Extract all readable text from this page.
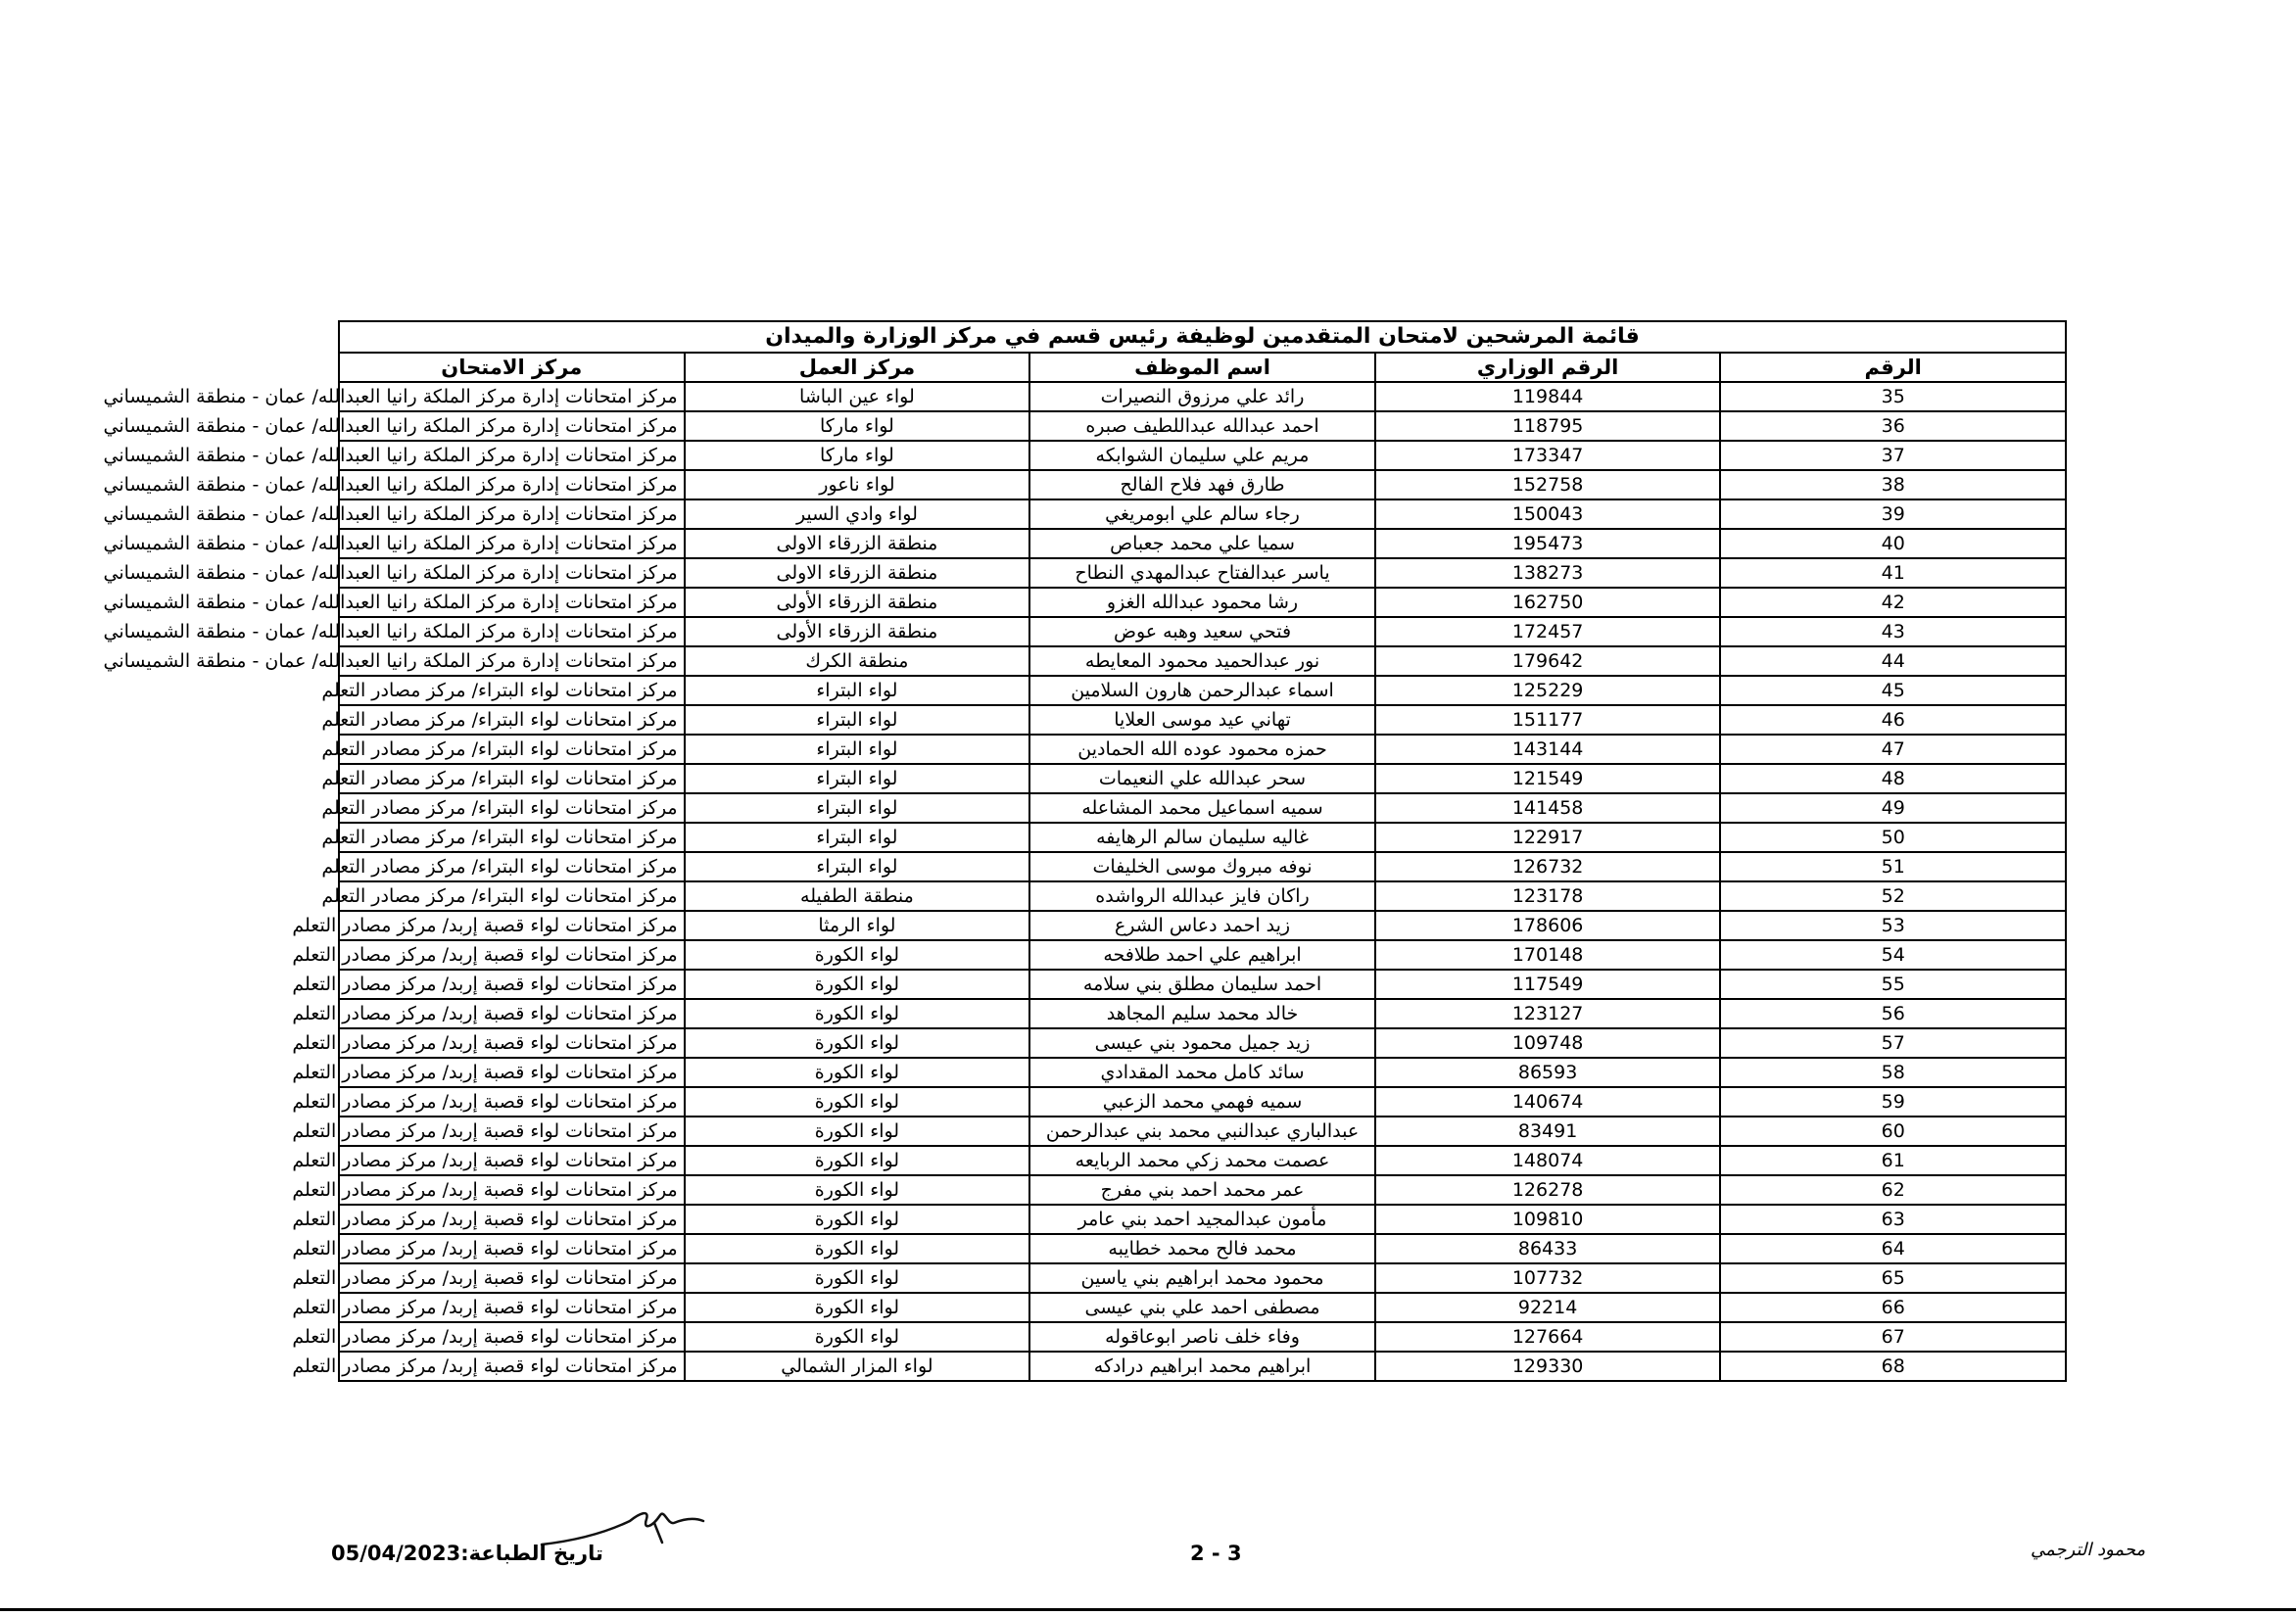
قائمة المرشحين لامتحان المتقدمين لوظيفة رئيس قسم في مركز الوزارة والميدان				
الرقم	الرقم الوزاري	اسم الموظف	مركز العمل	مركز الامتحان
35	119844	رائد علي مرزوق النصيرات	لواء عين الباشا	مركز امتحانات إدارة مركز الملكة رانيا العبدالله/ عمان - منطقة الشميساني
36	118795	احمد عبدالله عبداللطيف صبره	لواء ماركا	مركز امتحانات إدارة مركز الملكة رانيا العبدالله/ عمان - منطقة الشميساني
37	173347	مريم علي سليمان الشوابكه	لواء ماركا	مركز امتحانات إدارة مركز الملكة رانيا العبدالله/ عمان - منطقة الشميساني
38	152758	طارق فهد فلاح الفالح	لواء ناعور	مركز امتحانات إدارة مركز الملكة رانيا العبدالله/ عمان - منطقة الشميساني
39	150043	رجاء سالم علي ابومريغي	لواء وادي السير	مركز امتحانات إدارة مركز الملكة رانيا العبدالله/ عمان - منطقة الشميساني
40	195473	سميا علي محمد جعباص	منطقة الزرقاء الاولى	مركز امتحانات إدارة مركز الملكة رانيا العبدالله/ عمان - منطقة الشميساني
41	138273	ياسر عبدالفتاح عبدالمهدي النطاح	منطقة الزرقاء الاولى	مركز امتحانات إدارة مركز الملكة رانيا العبدالله/ عمان - منطقة الشميساني
42	162750	رشا محمود عبدالله الغزو	منطقة الزرقاء الأولى	مركز امتحانات إدارة مركز الملكة رانيا العبدالله/ عمان - منطقة الشميساني
43	172457	فتحي سعيد وهبه عوض	منطقة الزرقاء الأولى	مركز امتحانات إدارة مركز الملكة رانيا العبدالله/ عمان - منطقة الشميساني
44	179642	نور عبدالحميد محمود المعايطه	منطقة الكرك	مركز امتحانات إدارة مركز الملكة رانيا العبدالله/ عمان - منطقة الشميساني
45	125229	اسماء عبدالرحمن هارون السلامين	لواء البتراء	مركز امتحانات لواء البتراء/ مركز مصادر التعلم
46	151177	تهاني عيد موسى العلايا	لواء البتراء	مركز امتحانات لواء البتراء/ مركز مصادر التعلم
47	143144	حمزه محمود عوده الله الحمادين	لواء البتراء	مركز امتحانات لواء البتراء/ مركز مصادر التعلم
48	121549	سحر عبدالله علي النعيمات	لواء البتراء	مركز امتحانات لواء البتراء/ مركز مصادر التعلم
49	141458	سميه اسماعيل محمد المشاعله	لواء البتراء	مركز امتحانات لواء البتراء/ مركز مصادر التعلم
50	122917	غاليه سليمان سالم الرهايفه	لواء البتراء	مركز امتحانات لواء البتراء/ مركز مصادر التعلم
51	126732	نوفه مبروك موسى الخليفات	لواء البتراء	مركز امتحانات لواء البتراء/ مركز مصادر التعلم
52	123178	راكان فايز عبدالله الرواشده	منطقة الطفيله	مركز امتحانات لواء البتراء/ مركز مصادر التعلم
53	178606	زيد احمد دعاس الشرع	لواء الرمثا	مركز امتحانات لواء قصبة إربد/ مركز مصادر التعلم
54	170148	ابراهيم علي احمد طلافحه	لواء الكورة	مركز امتحانات لواء قصبة إربد/ مركز مصادر التعلم
55	117549	احمد سليمان مطلق بني سلامه	لواء الكورة	مركز امتحانات لواء قصبة إربد/ مركز مصادر التعلم
56	123127	خالد محمد سليم المجاهد	لواء الكورة	مركز امتحانات لواء قصبة إربد/ مركز مصادر التعلم
57	109748	زيد جميل محمود بني عيسى	لواء الكورة	مركز امتحانات لواء قصبة إربد/ مركز مصادر التعلم
58	86593	سائد كامل محمد المقدادي	لواء الكورة	مركز امتحانات لواء قصبة إربد/ مركز مصادر التعلم
59	140674	سميه فهمي محمد الزعبي	لواء الكورة	مركز امتحانات لواء قصبة إربد/ مركز مصادر التعلم
60	83491	عبدالباري عبدالنبي محمد بني عبدالرحمن	لواء الكورة	مركز امتحانات لواء قصبة إربد/ مركز مصادر التعلم
61	148074	عصمت محمد زكي محمد الربايعه	لواء الكورة	مركز امتحانات لواء قصبة إربد/ مركز مصادر التعلم
62	126278	عمر محمد احمد بني مفرج	لواء الكورة	مركز امتحانات لواء قصبة إربد/ مركز مصادر التعلم
63	109810	مأمون عبدالمجيد احمد بني عامر	لواء الكورة	مركز امتحانات لواء قصبة إربد/ مركز مصادر التعلم
64	86433	محمد فالح محمد خطايبه	لواء الكورة	مركز امتحانات لواء قصبة إربد/ مركز مصادر التعلم
65	107732	محمود محمد ابراهيم بني ياسين	لواء الكورة	مركز امتحانات لواء قصبة إربد/ مركز مصادر التعلم
66	92214	مصطفى احمد علي بني عيسى	لواء الكورة	مركز امتحانات لواء قصبة إربد/ مركز مصادر التعلم
67	127664	وفاء خلف ناصر ابوعاقوله	لواء الكورة	مركز امتحانات لواء قصبة إربد/ مركز مصادر التعلم
68	129330	ابراهيم محمد ابراهيم درادكه	لواء المزار الشمالي	مركز امتحانات لواء قصبة إربد/ مركز مصادر التعلم
تاريخ الطباعة:05/04/2023	2 - 3	محمود الترجمي
